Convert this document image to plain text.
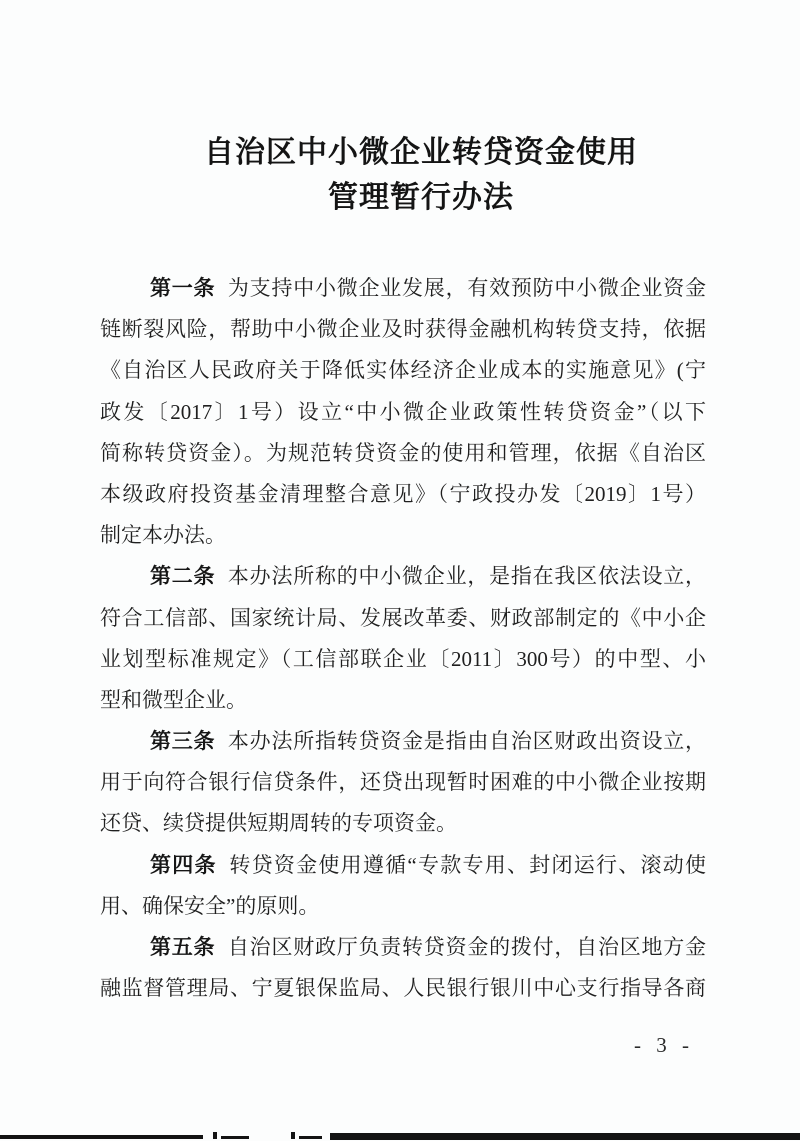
自治区中小微企业转贷资金使用
管理暂行办法
第一条 为支持中小微企业发展，有效预防中小微企业资金
链断裂风险，帮助中小微企业及时获得金融机构转贷支持，依据
《自治区人民政府关于降低实体经济企业成本的实施意见》(宁
政发〔2017〕1号）设立“中小微企业政策性转贷资金”（以下
简称转贷资金）。为规范转贷资金的使用和管理，依据《自治区
本级政府投资基金清理整合意见》（宁政投办发〔2019〕1号）
制定本办法。
第二条 本办法所称的中小微企业，是指在我区依法设立，
符合工信部、国家统计局、发展改革委、财政部制定的《中小企
业划型标准规定》（工信部联企业〔2011〕300号）的中型、小
型和微型企业。
第三条 本办法所指转贷资金是指由自治区财政出资设立，
用于向符合银行信贷条件，还贷出现暂时困难的中小微企业按期
还贷、续贷提供短期周转的专项资金。
第四条 转贷资金使用遵循“专款专用、封闭运行、滚动使
用、确保安全”的原则。
第五条 自治区财政厅负责转贷资金的拨付，自治区地方金
融监督管理局、宁夏银保监局、人民银行银川中心支行指导各商
- 3 -
